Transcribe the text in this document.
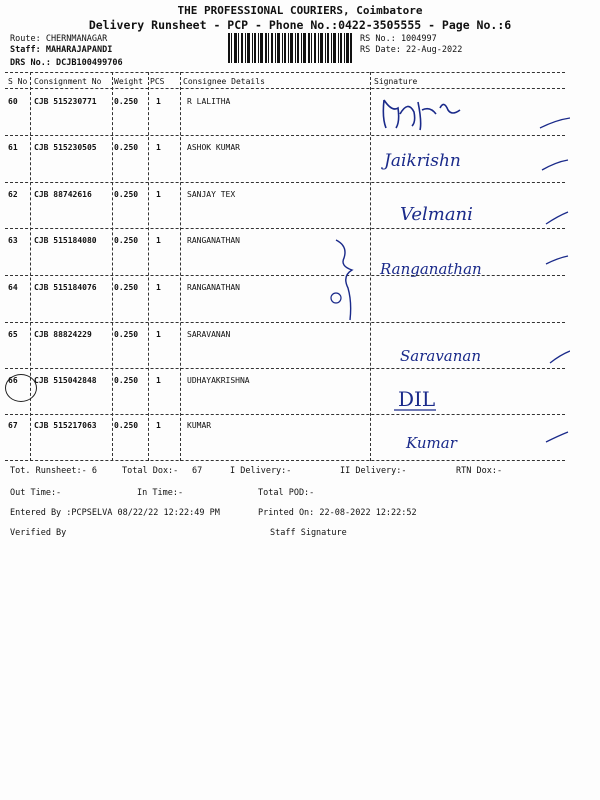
THE PROFESSIONAL COURIERS, Coimbatore
Delivery Runsheet - PCP - Phone No.:0422-3505555 - Page No.:6
Route: CHERNMANAGAR
Staff: MAHARAJAPANDI
DRS No.: DCJB100499706
RS No.: 1004997
RS Date: 22-Aug-2022
S No Consignment No Weight PCS Consignee Details	Signature
60 CJB 515230771 0.250 1	R LALITHA
61 CJB 515230505 0.250 1	ASHOK KUMAR
Jaikrishn
62 CJB 88742616	0.250 1	SANJAY TEX
Velmani
63 CJB 515184080 0.250 1	RANGANATHAN
Ranganathan
64 CJB 515184076 0.250 1	RANGANATHAN
65 CJB 88824229	0.250 1	SARAVANAN
Saravanan
66 CJB 515042848 0.250 1	UDHAYAKRISHNA
DIL
67 CJB 515217063 0.250 1	KUMAR
Kumar
Tot. Runsheet:- 6	Total Dox:- 67	I Delivery:-	II Delivery:-	RTN Dox:-
Out Time:-	In Time:-	Total POD:-
Entered By :PCPSELVA 08/22/22 12:22:49 PM	Printed On: 22-08-2022 12:22:52
Verified By	Staff Signature
